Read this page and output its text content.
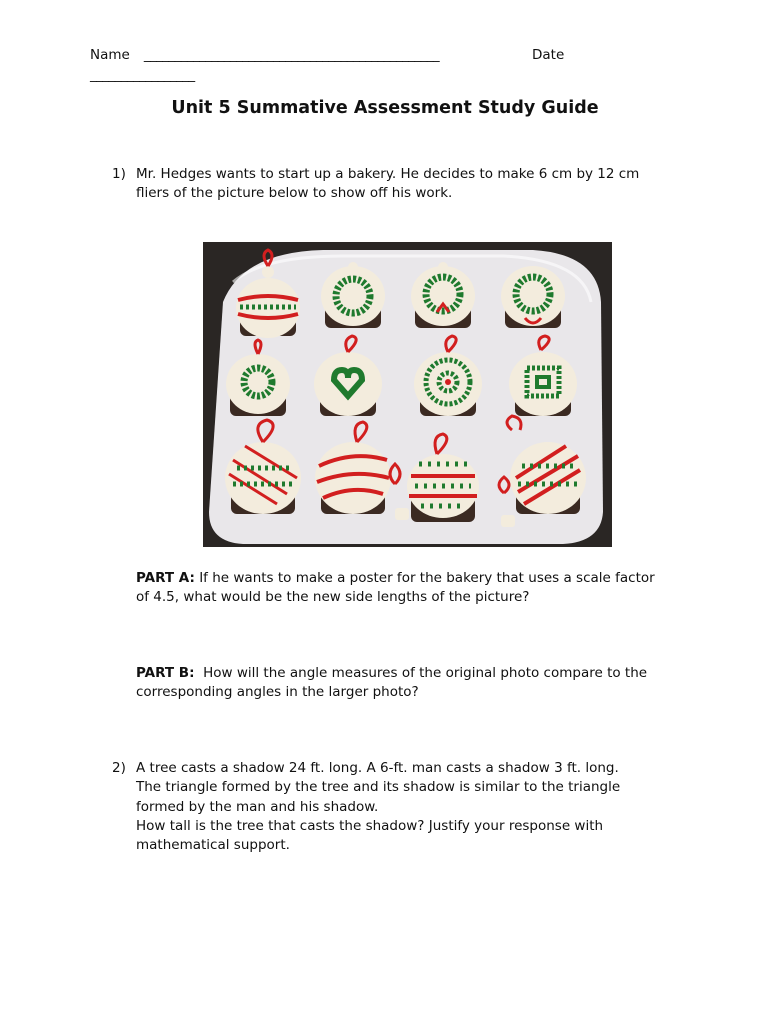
Name ________________________________________________	Date
_________________
Unit 5 Summative Assessment Study Guide
1) Mr. Hedges wants to start up a bakery. He decides to make 6 cm by 12 cm
fliers of the picture below to show off his work.
PART A: If he wants to make a poster for the bakery that uses a scale factor
of 4.5, what would be the new side lengths of the picture?
PART B: How will the angle measures of the original photo compare to the
corresponding angles in the larger photo?
2) A tree casts a shadow 24 ft. long. A 6-ft. man casts a shadow 3 ft. long.
The triangle formed by the tree and its shadow is similar to the triangle
formed by the man and his shadow.
How tall is the tree that casts the shadow? Justify your response with
mathematical support.
